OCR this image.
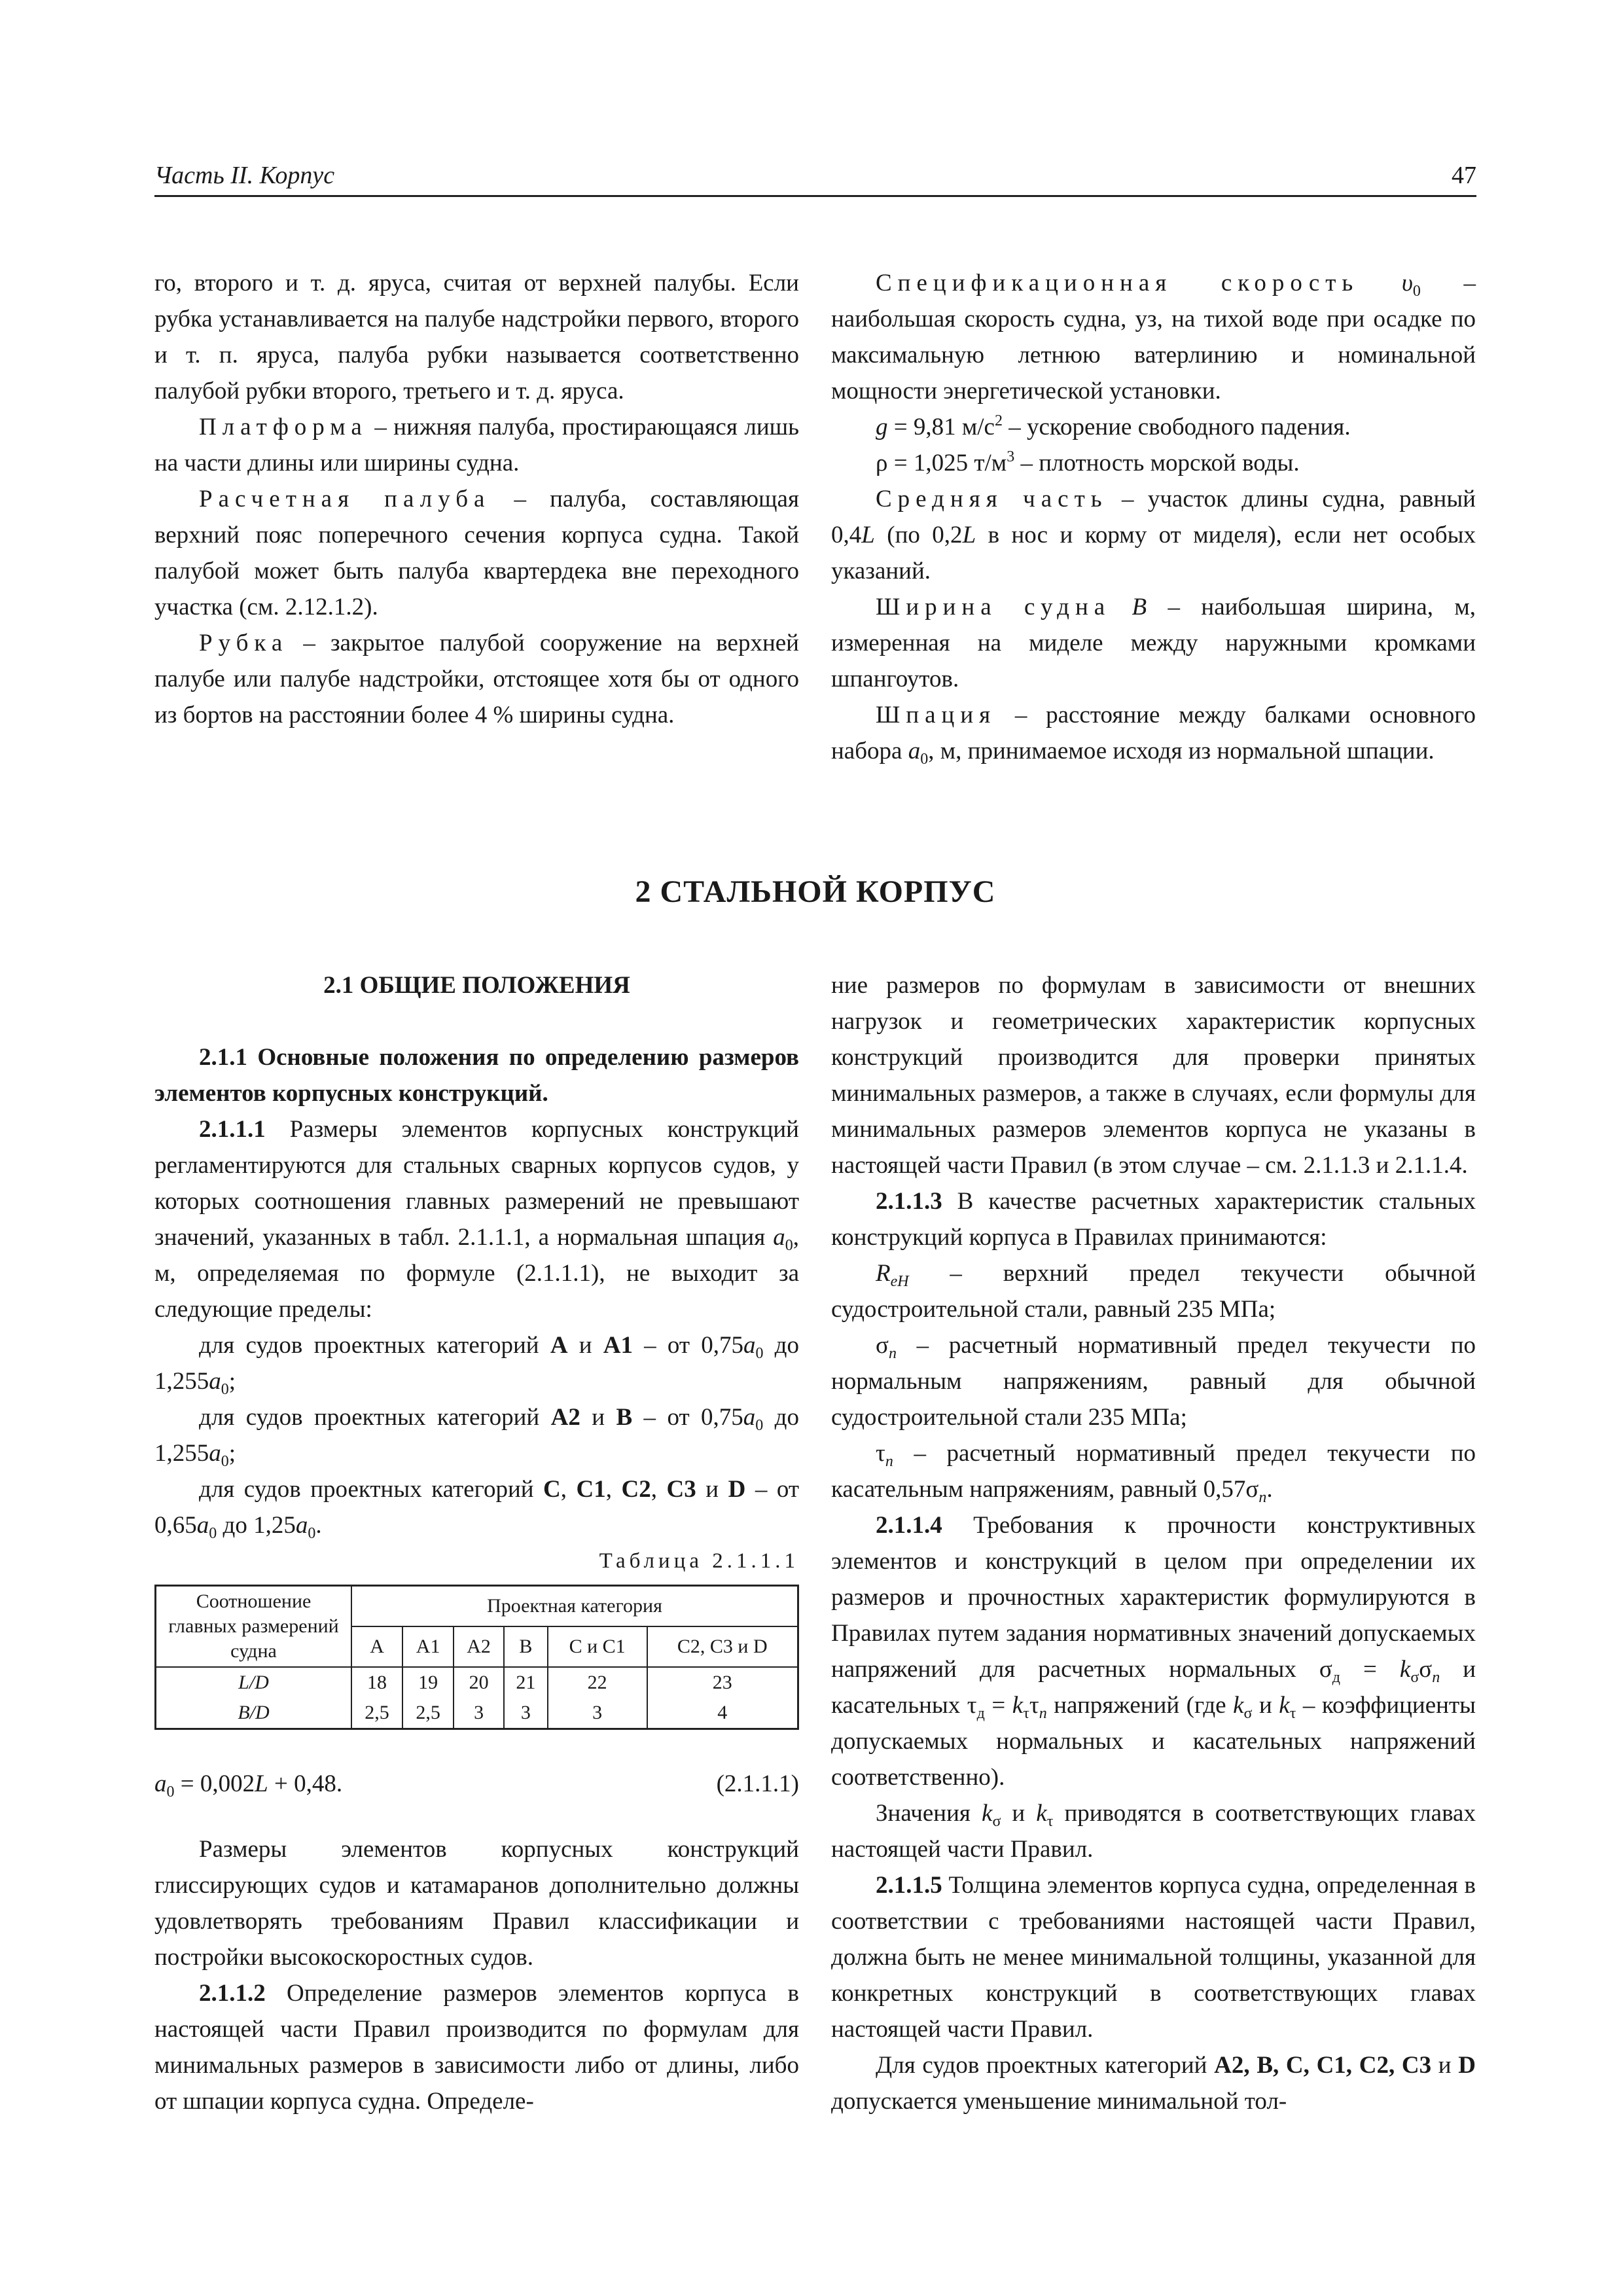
Часть II. Корпус	47

го, второго и т. д. яруса, считая от верхней палубы. Если рубка устанавливается на палубе надстройки первого, второго и т. п. яруса, палуба рубки называется соответственно палубой рубки второго, третьего и т. д. яруса.

Платформа – нижняя палуба, простирающаяся лишь на части длины или ширины судна.

Расчетная палуба – палуба, составляющая верхний пояс поперечного сечения корпуса судна. Такой палубой может быть палуба квартердека вне переходного участка (см. 2.12.1.2).

Рубка – закрытое палубой сооружение на верхней палубе или палубе надстройки, отстоящее хотя бы от одного из бортов на расстоянии более 4 % ширины судна.

Спецификационная скорость $\upsilon_0$ – наибольшая скорость судна, уз, на тихой воде при осадке по максимальную летнюю ватерлинию и номинальной мощности энергетической установки.

g = 9,81 $м/с^2$ – ускорение свободного падения.

ρ = 1,025 $т/м^3$ – плотность морской воды.

Средняя часть – участок длины судна, равный 0,4L (по 0,2L в нос и корму от миделя), если нет особых указаний.

Ширина судна B – наибольшая ширина, м, измеренная на миделе между наружными кромками шпангоутов.

Шпация – расстояние между балками основного набора $a_0$, м, принимаемое исходя из нормальной шпации.

2 СТАЛЬНОЙ КОРПУС

2.1 ОБЩИЕ ПОЛОЖЕНИЯ

2.1.1 Основные положения по определению размеров элементов корпусных конструкций.

2.1.1.1 Размеры элементов корпусных конструкций регламентируются для стальных сварных корпусов судов, у которых соотношения главных размерений не превышают значений, указанных в табл. 2.1.1.1, а нормальная шпация $a_0$, м, определяемая по формуле (2.1.1.1), не выходит за следующие пределы:

для судов проектных категорий A и A1 – от $0,75a_0$ до $1,255a_0$;

для судов проектных категорий A2 и B – от $0,75a_0$ до $1,255a_0$;

для судов проектных категорий C, C1, C2, C3 и D – от $0,65a_0$ до $1,25a_0$.

Таблица 2.1.1.1

Соотношение главных размерений судна	Проектная категория					
	A	A1	A2	B	C и C1	C2, C3 и D
L/D	18	19	20	21	22	23
B/D	2,5	2,5	3	3	3	4
$a_0 = 0,002L + 0,48$.	(2.1.1.1)

Размеры элементов корпусных конструкций глиссирующих судов и катамаранов дополнительно должны удовлетворять требованиям Правил классификации и постройки высокоскоростных судов.

2.1.1.2 Определение размеров элементов корпуса в настоящей части Правил производится по формулам для минимальных размеров в зависимости либо от длины, либо от шпации корпуса судна. Определе-

ние размеров по формулам в зависимости от внешних нагрузок и геометрических характеристик корпусных конструкций производится для проверки принятых минимальных размеров, а также в случаях, если формулы для минимальных размеров элементов корпуса не указаны в настоящей части Правил (в этом случае – см. 2.1.1.3 и 2.1.1.4.

2.1.1.3 В качестве расчетных характеристик стальных конструкций корпуса в Правилах принимаются:

$R_{eH}$ – верхний предел текучести обычной судостроительной стали, равный 235 МПа;

$\sigma_n$ – расчетный нормативный предел текучести по нормальным напряжениям, равный для обычной судостроительной стали 235 МПа;

$\tau_n$ – расчетный нормативный предел текучести по касательным напряжениям, равный $0,57\sigma_n$.

2.1.1.4 Требования к прочности конструктивных элементов и конструкций в целом при определении их размеров и прочностных характеристик формулируются в Правилах путем задания нормативных значений допускаемых напряжений для расчетных нормальных $\sigma_д = k_\sigma\sigma_n$ и касательных $\tau_д = k_\tau\tau_n$ напряжений (где $k_\sigma$ и $k_\tau$ – коэффициенты допускаемых нормальных и касательных напряжений соответственно).

Значения $k_\sigma$ и $k_\tau$ приводятся в соответствующих главах настоящей части Правил.

2.1.1.5 Толщина элементов корпуса судна, определенная в соответствии с требованиями настоящей части Правил, должна быть не менее минимальной толщины, указанной для конкретных конструкций в соответствующих главах настоящей части Правил.

Для судов проектных категорий A2, B, C, C1, C2, C3 и D допускается уменьшение минимальной тол-
